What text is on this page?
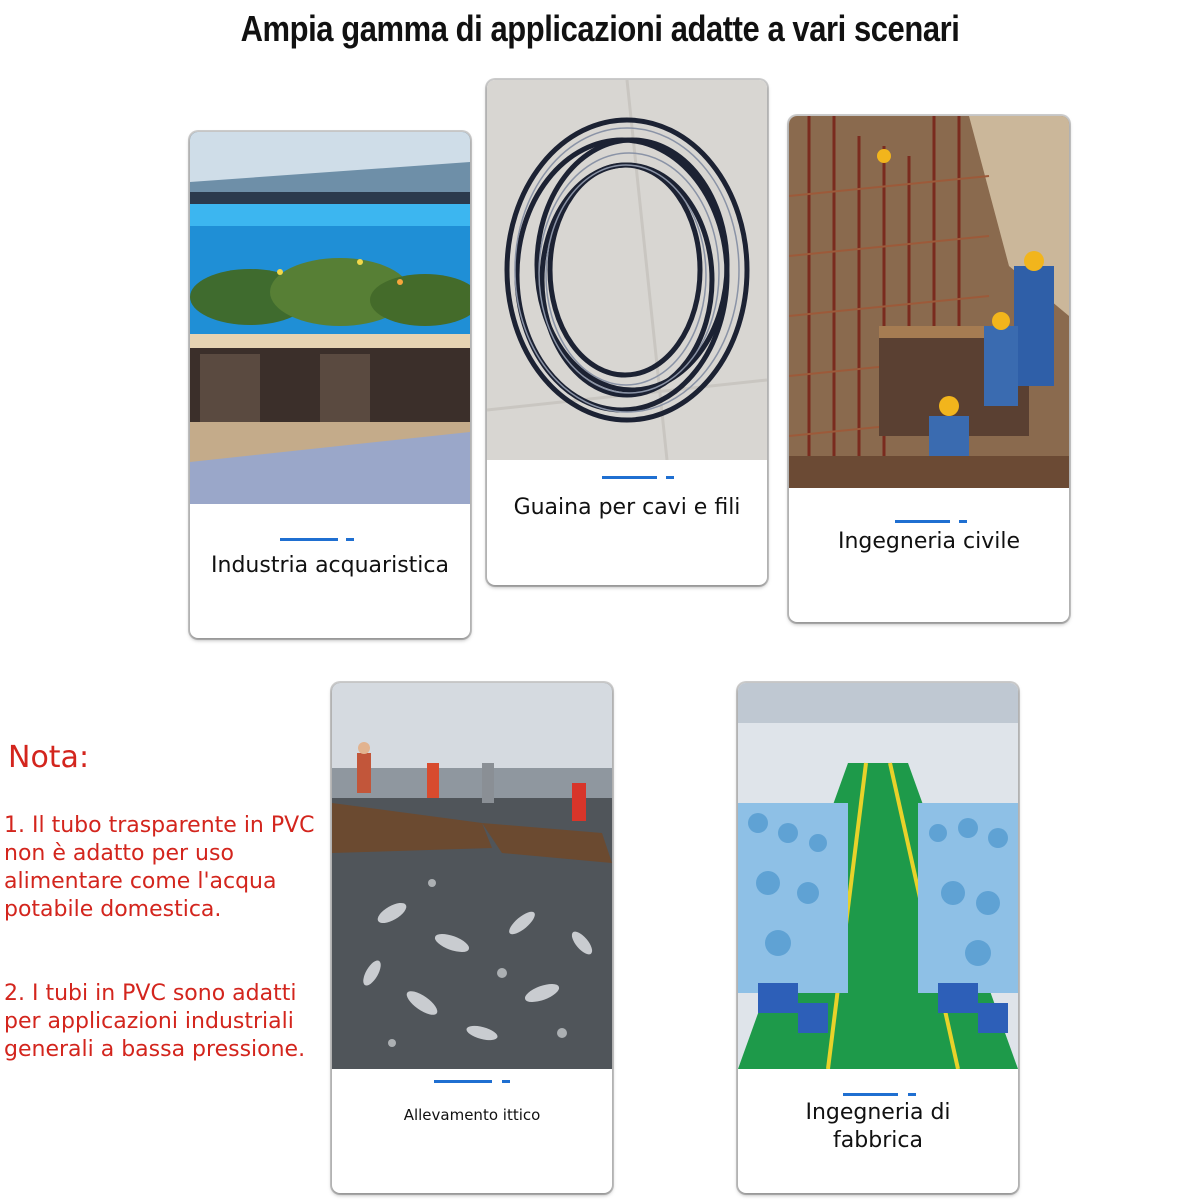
Ampia gamma di applicazioni adatte a vari scenari
Industria acquaristica
Guaina per cavi e fili
Ingegneria civile
Allevamento ittico	Ingegneria di fabbrica
Nota:
1. Il tubo trasparente in PVC non è adatto per uso alimentare come l'acqua potabile domestica.
2. I tubi in PVC sono adatti per applicazioni industriali generali a bassa pressione.
